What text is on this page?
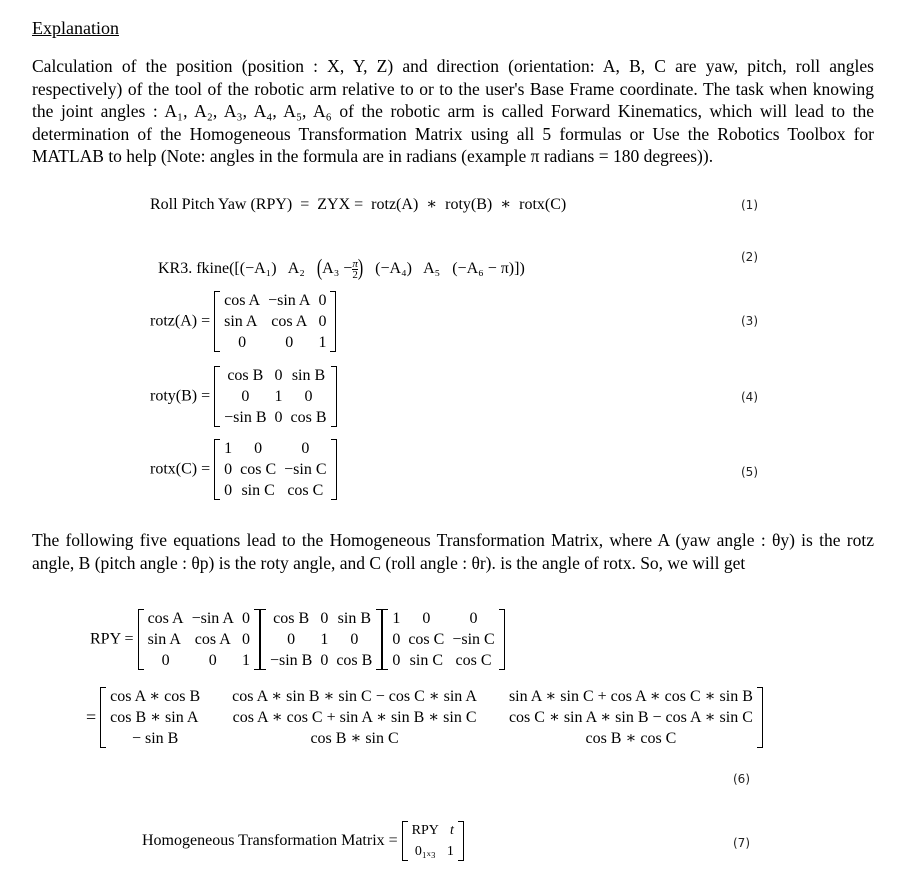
Explanation
Calculation of the position (position : X, Y, Z) and direction (orientation: A, B, C are yaw, pitch, roll angles respectively) of the tool of the robotic arm relative to or to the user's Base Frame coordinate. The task when knowing the joint angles : A₁, A₂, A₃, A₄, A₅, A₆ of the robotic arm is called Forward Kinematics, which will lead to the determination of the Homogeneous Transformation Matrix using all 5 formulas or Use the Robotics Toolbox for MATLAB to help (Note: angles in the formula are in radians (example π radians = 180 degrees)).
Roll Pitch Yaw (RPY)  =  ZYX =  rotz(A)  ∗  roty(B)  ∗  rotx(C)	(1)

KR3. fkine([(−A₁)   A₂   ($A_3 - \frac{\pi}{2}$ )   (−A₄)   A₅   (−A₆ − π)])

(2)
rotz(A) =
cos A	−sin A	0
sin A	cos A	0
0	0	1
(3)
roty(B) =
cos B	0	sin B
0	1	0
−sin B	0	cos B
(4)
rotx(C) =
1	0	0
0	cos C	−sin C
0	sin C	cos C
(5)
The following five equations lead to the Homogeneous Transformation Matrix, where A (yaw angle : θy) is the rotz angle, B (pitch angle : θp) is the roty angle, and C (roll angle : θr). is the angle of rotx. So, we will get
RPY =
cos A	−sin A	0
sin A	cos A	0
0	0	1
cos B	0	sin B
0	1	0
−sin B	0	cos B
1	0	0
0	cos C	−sin C
0	sin C	cos C
=
cos A ∗ cos B	cos A ∗ sin B ∗ sin C − cos C ∗ sin A	sin A ∗ sin C + cos A ∗ cos C ∗ sin B
cos B ∗ sin A	cos A ∗ cos C + sin A ∗ sin B ∗ sin C	cos C ∗ sin A ∗ sin B − cos A ∗ sin C
− sin B	cos B ∗ sin C	cos B ∗ cos C
(6)
Homogeneous Transformation Matrix =
RPY	t
0₁ₓ₃	1
(7)
